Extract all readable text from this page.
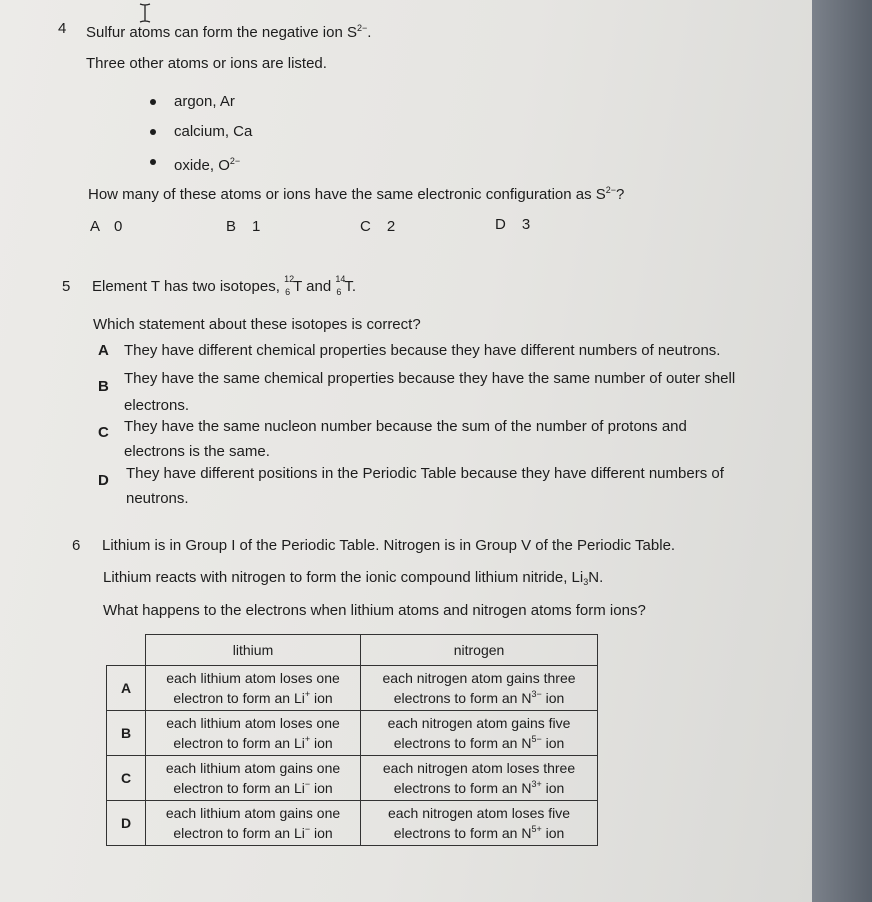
4 Sulfur atoms can form the negative ion $S^{2-}$.
Three other atoms or ions are listed.
argon, Ar
calcium, Ca
oxide, $O^{2-}$
How many of these atoms or ions have the same electronic configuration as $S^{2-}$?
A 0	B 1	C 2	D 3
5 Element T has two isotopes, 12
6 T and 14
6 T.
Which statement about these isotopes is correct?
A They have different chemical properties because they have different numbers of neutrons.
B They have the same chemical properties because they have the same number of outer shell
electrons.
C They have the same nucleon number because the sum of the number of protons and
electrons is the same.
D They have different positions in the Periodic Table because they have different numbers of
neutrons.
6 Lithium is in Group I of the Periodic Table. Nitrogen is in Group V of the Periodic Table.
Lithium reacts with nitrogen to form the ionic compound lithium nitride, $Li_3N$.
What happens to the electrons when lithium atoms and nitrogen atoms form ions?
	lithium	nitrogen
A	each lithium atom loses one
electron to form an Li+ ion	each nitrogen atom gains three
electrons to form an $N^{3-}$ ion
B	each lithium atom loses one
electron to form an Li+ ion	each nitrogen atom gains five
electrons to form an $N^{5-}$ ion
C	each lithium atom gains one
electron to form an Li− ion	each nitrogen atom loses three
electrons to form an $N^{3+}$ ion
D	each lithium atom gains one
electron to form an Li− ion	each nitrogen atom loses five
electrons to form an $N^{5+}$ ion
